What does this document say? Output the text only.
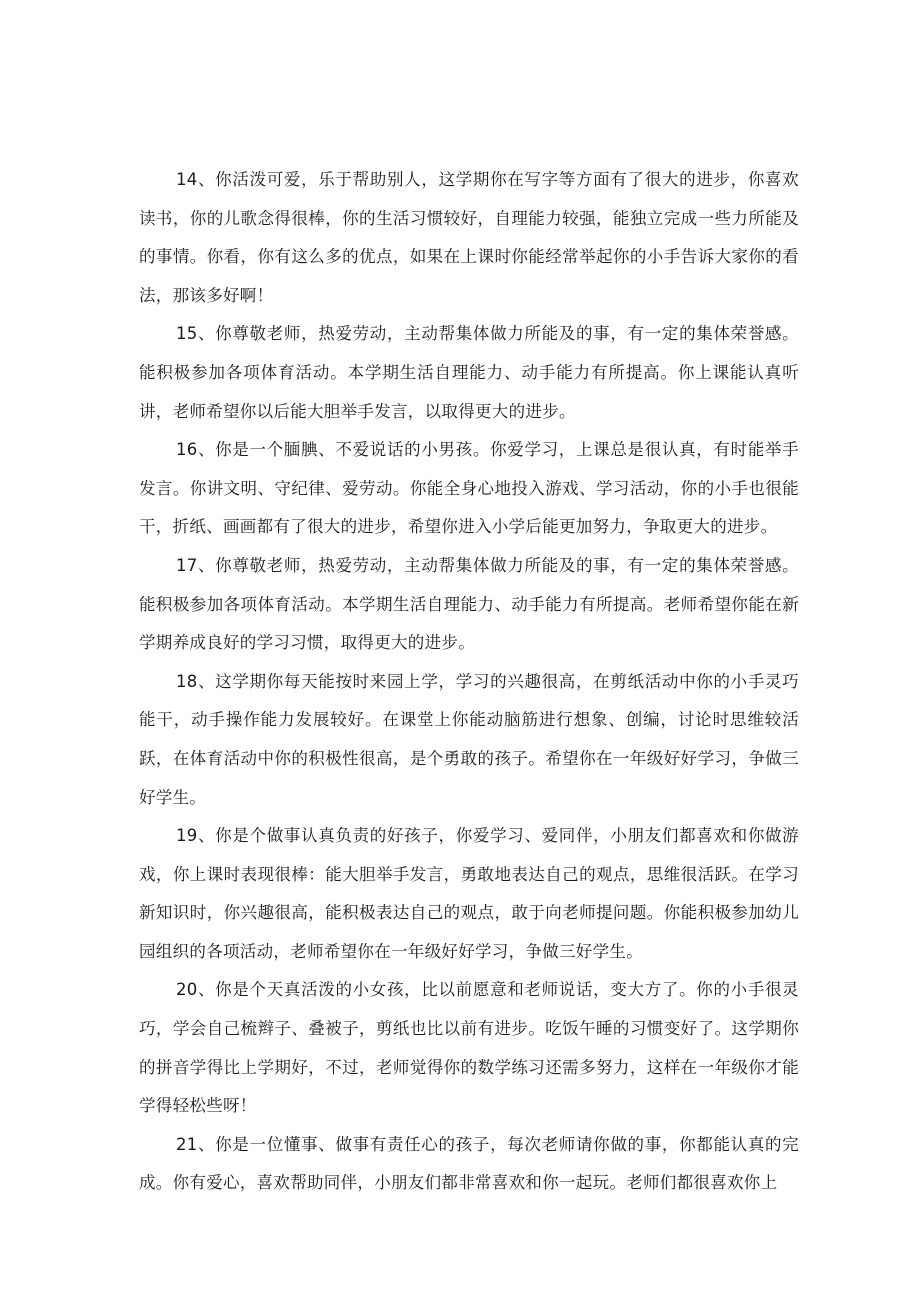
14、你活泼可爱，乐于帮助别人，这学期你在写字等方面有了很大的进步，你喜欢读书，你的儿歌念得很棒，你的生活习惯较好，自理能力较强，能独立完成一些力所能及的事情。你看，你有这么多的优点，如果在上课时你能经常举起你的小手告诉大家你的看法，那该多好啊！

15、你尊敬老师，热爱劳动，主动帮集体做力所能及的事，有一定的集体荣誉感。能积极参加各项体育活动。本学期生活自理能力、动手能力有所提高。你上课能认真听讲，老师希望你以后能大胆举手发言，以取得更大的进步。

16、你是一个腼腆、不爱说话的小男孩。你爱学习，上课总是很认真，有时能举手发言。你讲文明、守纪律、爱劳动。你能全身心地投入游戏、学习活动，你的小手也很能干，折纸、画画都有了很大的进步，希望你进入小学后能更加努力，争取更大的进步。

17、你尊敬老师，热爱劳动，主动帮集体做力所能及的事，有一定的集体荣誉感。能积极参加各项体育活动。本学期生活自理能力、动手能力有所提高。老师希望你能在新学期养成良好的学习习惯，取得更大的进步。

18、这学期你每天能按时来园上学，学习的兴趣很高，在剪纸活动中你的小手灵巧能干，动手操作能力发展较好。在课堂上你能动脑筋进行想象、创编，讨论时思维较活跃，在体育活动中你的积极性很高，是个勇敢的孩子。希望你在一年级好好学习，争做三好学生。

19、你是个做事认真负责的好孩子，你爱学习、爱同伴，小朋友们都喜欢和你做游戏，你上课时表现很棒：能大胆举手发言，勇敢地表达自己的观点，思维很活跃。在学习新知识时，你兴趣很高，能积极表达自己的观点，敢于向老师提问题。你能积极参加幼儿园组织的各项活动，老师希望你在一年级好好学习，争做三好学生。

20、你是个天真活泼的小女孩，比以前愿意和老师说话，变大方了。你的小手很灵巧，学会自己梳辫子、叠被子，剪纸也比以前有进步。吃饭午睡的习惯变好了。这学期你的拼音学得比上学期好，不过，老师觉得你的数学练习还需多努力，这样在一年级你才能学得轻松些呀！

21、你是一位懂事、做事有责任心的孩子，每次老师请你做的事，你都能认真的完成。你有爱心，喜欢帮助同伴，小朋友们都非常喜欢和你一起玩。老师们都很喜欢你上
